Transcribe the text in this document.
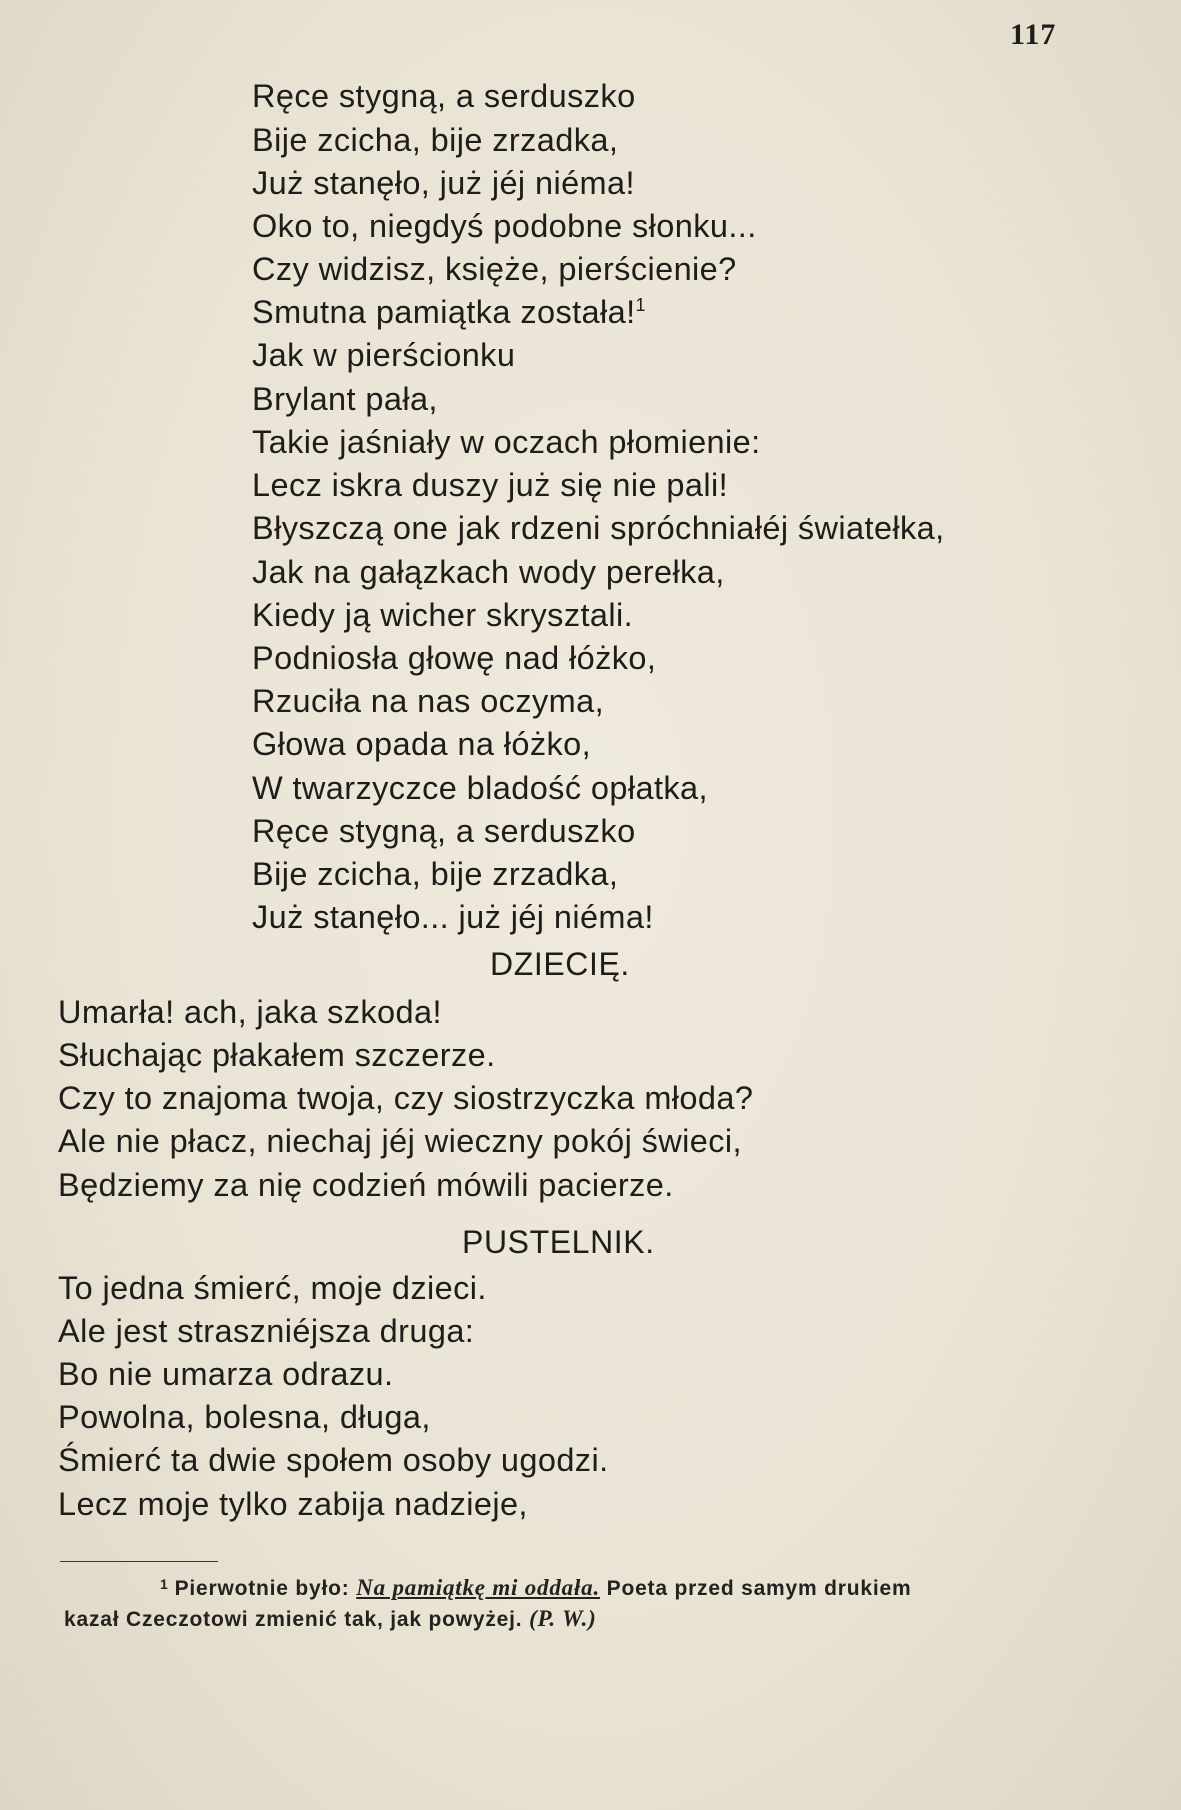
117
Ręce stygną, a serduszko
Bije zcicha, bije zrzadka,
Już stanęło, już jéj niéma!
Oko to, niegdyś podobne słonku...
Czy widzisz, księże, pierścienie?
Smutna pamiątka została!$^1$
Jak w pierścionku
Brylant pała,
Takie jaśniały w oczach płomienie:
Lecz iskra duszy już się nie pali!
Błyszczą one jak rdzeni spróchniałéj światełka,
Jak na gałązkach wody perełka,
Kiedy ją wicher skrysztali.
Podniosła głowę nad łóżko,
Rzuciła na nas oczyma,
Głowa opada na łóżko,
W twarzyczce bladość opłatka,
Ręce stygną, a serduszko
Bije zcicha, bije zrzadka,
Już stanęło... już jéj niéma!
DZIECIĘ.
Umarła! ach, jaka szkoda!
Słuchając płakałem szczerze.
Czy to znajoma twoja, czy siostrzyczka młoda?
Ale nie płacz, niechaj jéj wieczny pokój świeci,
Będziemy za nię codzień mówili pacierze.
PUSTELNIK.
To jedna śmierć, moje dzieci.
Ale jest straszniéjsza druga:
Bo nie umarza odrazu.
Powolna, bolesna, długa,
Śmierć ta dwie społem osoby ugodzi.
Lecz moje tylko zabija nadzieje,
$^1$ Pierwotnie było: Na pamiątkę mi oddała. Poeta przed samym drukiem
kazał Czeczotowi zmienić tak, jak powyżej. (P. W.)
